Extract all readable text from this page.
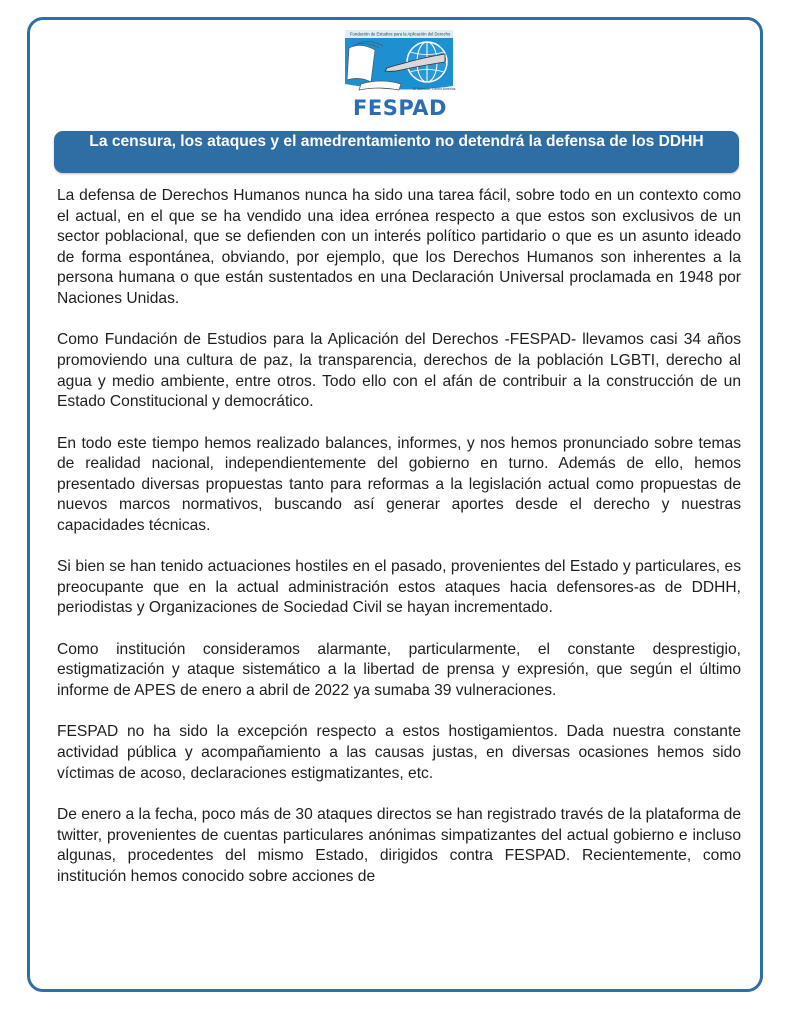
Fundación de Estudios para la Aplicación del Derecho
El Salvador, Centro América
FESPAD
La censura, los ataques y el amedrentamiento no detendrá la defensa de los DDHH

La defensa de Derechos Humanos nunca ha sido una tarea fácil, sobre todo en un contexto como el actual, en el que se ha vendido una idea errónea respecto a que estos son exclusivos de un sector poblacional, que se defienden con un interés político partidario o que es un asunto ideado de forma espontánea, obviando, por ejemplo, que los Derechos Humanos son inherentes a la persona humana o que están sustentados en una Declaración Universal proclamada en 1948 por Naciones Unidas.

Como Fundación de Estudios para la Aplicación del Derechos -FESPAD- llevamos casi 34 años promoviendo una cultura de paz, la transparencia, derechos de la población LGBTI, derecho al agua y medio ambiente, entre otros. Todo ello con el afán de contribuir a la construcción de un Estado Constitucional y democrático.

En todo este tiempo hemos realizado balances, informes, y nos hemos pronunciado sobre temas de realidad nacional, independientemente del gobierno en turno. Además de ello, hemos presentado diversas propuestas tanto para reformas a la legislación actual como propuestas de nuevos marcos normativos, buscando así generar aportes desde el derecho y nuestras capacidades técnicas.

Si bien se han tenido actuaciones hostiles en el pasado, provenientes del Estado y particulares, es preocupante que en la actual administración estos ataques hacia defensores-as de DDHH, periodistas y Organizaciones de Sociedad Civil se hayan incrementado.

Como institución consideramos alarmante, particularmente, el constante desprestigio, estigmatización y ataque sistemático a la libertad de prensa y expresión, que según el último informe de APES de enero a abril de 2022 ya sumaba 39 vulneraciones.

FESPAD no ha sido la excepción respecto a estos hostigamientos. Dada nuestra constante actividad pública y acompañamiento a las causas justas, en diversas ocasiones hemos sido víctimas de acoso, declaraciones estigmatizantes, etc.

De enero a la fecha, poco más de 30 ataques directos se han registrado través de la plataforma de twitter, provenientes de cuentas particulares anónimas simpatizantes del actual gobierno e incluso algunas, procedentes del mismo Estado, dirigidos contra FESPAD. Recientemente, como institución hemos conocido sobre acciones de
